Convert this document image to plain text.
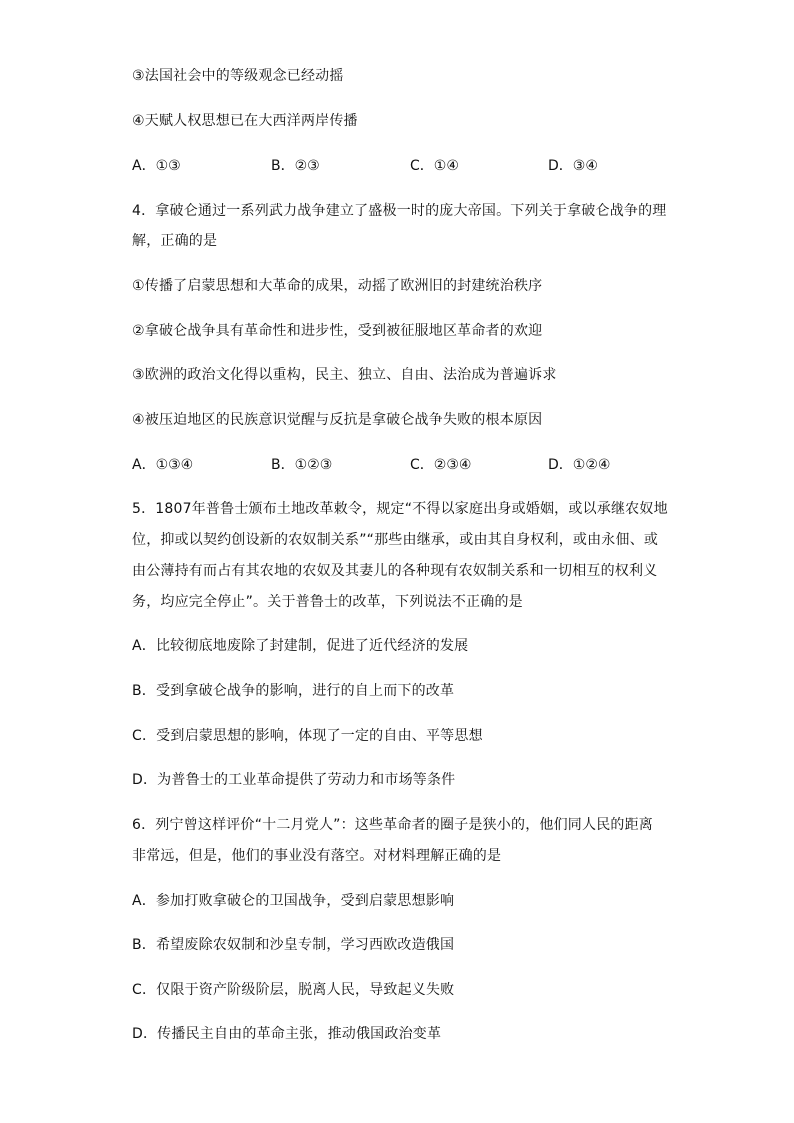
③法国社会中的等级观念已经动摇
④天赋人权思想已在大西洋两岸传播
A．①③	B．②③	C．①④	D．③④
4．拿破仑通过一系列武力战争建立了盛极一时的庞大帝国。下列关于拿破仑战争的理
解，正确的是
①传播了启蒙思想和大革命的成果，动摇了欧洲旧的封建统治秩序
②拿破仑战争具有革命性和进步性，受到被征服地区革命者的欢迎
③欧洲的政治文化得以重构，民主、独立、自由、法治成为普遍诉求
④被压迫地区的民族意识觉醒与反抗是拿破仑战争失败的根本原因
A．①③④	B．①②③	C．②③④	D．①②④
5．1807年普鲁士颁布土地改革敕令，规定“不得以家庭出身或婚姻，或以承继农奴地
位，抑或以契约创设新的农奴制关系”“那些由继承，或由其自身权利，或由永佃、或
由公薄持有而占有其农地的农奴及其妻儿的各种现有农奴制关系和一切相互的权利义
务，均应完全停止”。关于普鲁士的改革，下列说法不正确的是
A．比较彻底地废除了封建制，促进了近代经济的发展
B．受到拿破仑战争的影响，进行的自上而下的改革
C．受到启蒙思想的影响，体现了一定的自由、平等思想
D．为普鲁士的工业革命提供了劳动力和市场等条件
6．列宁曾这样评价“十二月党人”：这些革命者的圈子是狭小的，他们同人民的距离
非常远，但是，他们的事业没有落空。对材料理解正确的是
A．参加打败拿破仑的卫国战争，受到启蒙思想影响
B．希望废除农奴制和沙皇专制，学习西欧改造俄国
C．仅限于资产阶级阶层，脱离人民，导致起义失败
D．传播民主自由的革命主张，推动俄国政治变革
